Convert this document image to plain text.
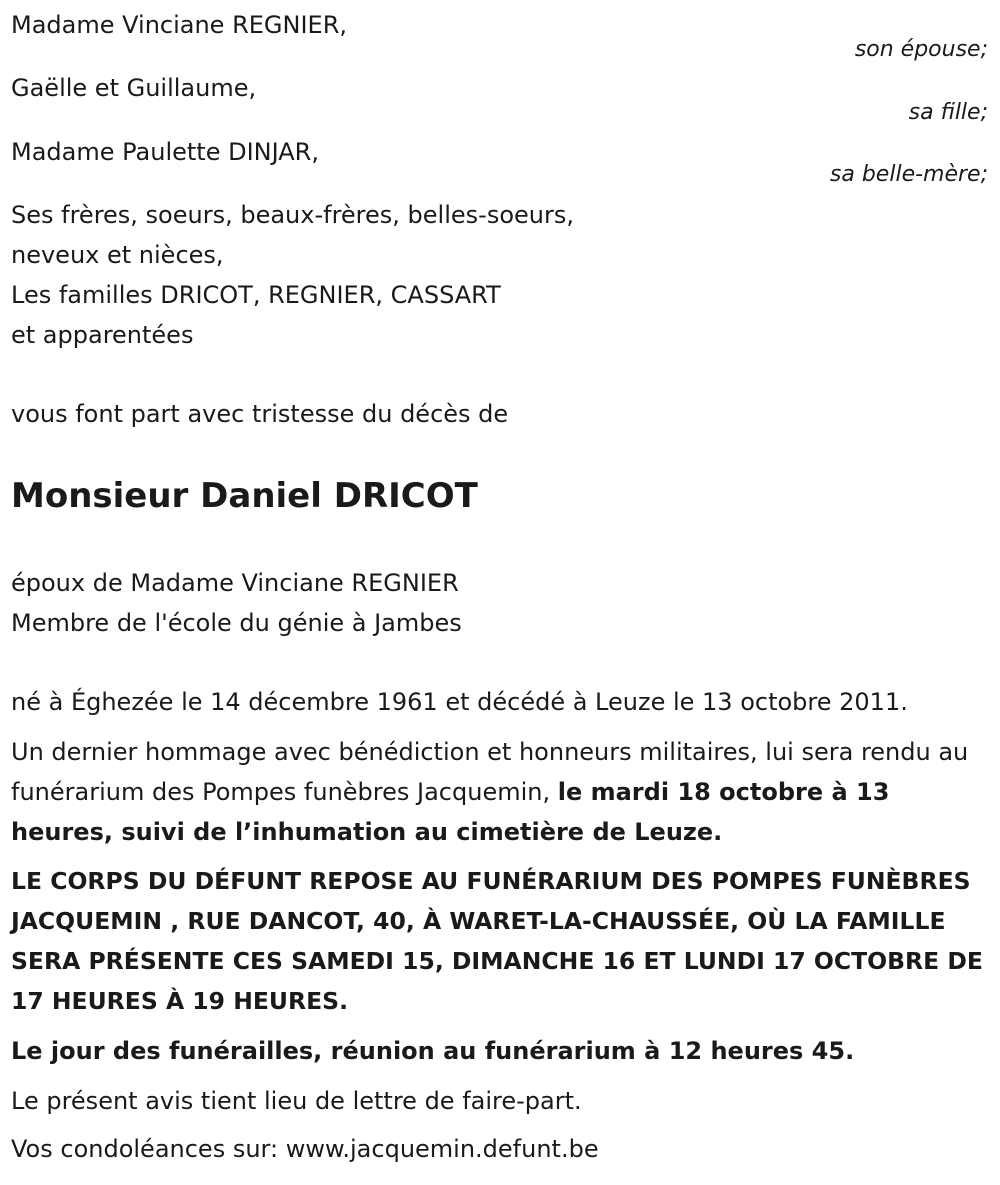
Madame Vinciane REGNIER,
son épouse;
Gaëlle et Guillaume,
sa fille;
Madame Paulette DINJAR,
sa belle-mère;
Ses frères, soeurs, beaux-frères, belles-soeurs,
neveux et nièces,
Les familles DRICOT, REGNIER, CASSART
et apparentées
vous font part avec tristesse du décès de
Monsieur Daniel DRICOT
époux de Madame Vinciane REGNIER
Membre de l'école du génie à Jambes
né à Éghezée le 14 décembre 1961 et décédé à Leuze le 13 octobre 2011.
Un dernier hommage avec bénédiction et honneurs militaires, lui sera rendu au funérarium des Pompes funèbres Jacquemin, le mardi 18 octobre à 13 heures, suivi de l’inhumation au cimetière de Leuze.
LE CORPS DU DÉFUNT REPOSE AU FUNÉRARIUM DES POMPES FUNÈBRES JACQUEMIN , RUE DANCOT, 40, À WARET-LA-CHAUSSÉE, OÙ LA FAMILLE SERA PRÉSENTE CES SAMEDI 15, DIMANCHE 16 ET LUNDI 17 OCTOBRE DE 17 HEURES À 19 HEURES.
Le jour des funérailles, réunion au funérarium à 12 heures 45.
Le présent avis tient lieu de lettre de faire-part.
Vos condoléances sur: www.jacquemin.defunt.be
